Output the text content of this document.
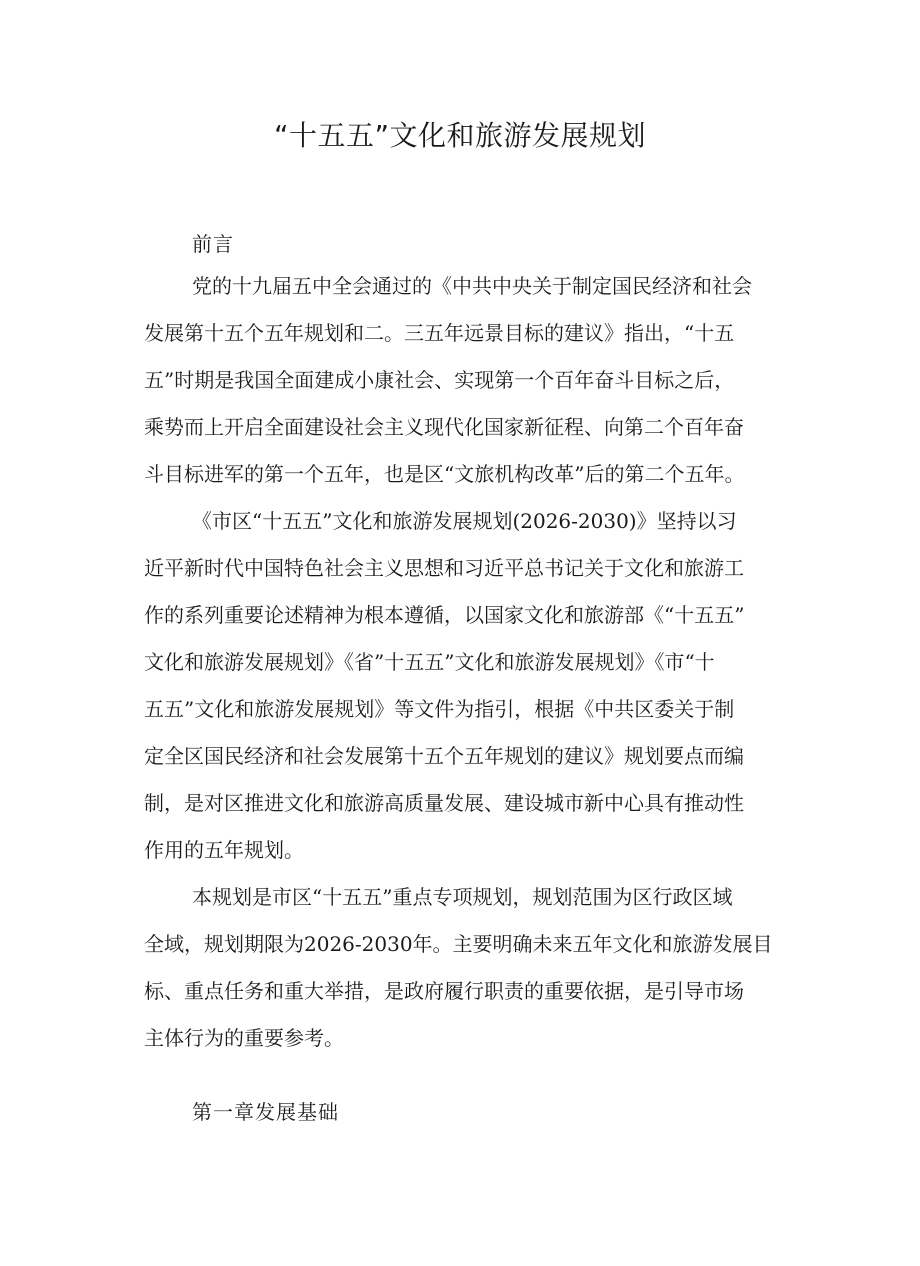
“十五五”文化和旅游发展规划
前言
党的十九届五中全会通过的《中共中央关于制定国民经济和社会
发展第十五个五年规划和二。三五年远景目标的建议》指出，“十五
五”时期是我国全面建成小康社会、实现第一个百年奋斗目标之后，
乘势而上开启全面建设社会主义现代化国家新征程、向第二个百年奋
斗目标进军的第一个五年，也是区“文旅机构改革”后的第二个五年。
《市区“十五五”文化和旅游发展规划(2026-2030)》坚持以习
近平新时代中国特色社会主义思想和习近平总书记关于文化和旅游工
作的系列重要论述精神为根本遵循，以国家文化和旅游部《“十五五”
文化和旅游发展规划》《省”十五五”文化和旅游发展规划》《市“十
五五”文化和旅游发展规划》等文件为指引，根据《中共区委关于制
定全区国民经济和社会发展第十五个五年规划的建议》规划要点而编
制，是对区推进文化和旅游高质量发展、建设城市新中心具有推动性
作用的五年规划。
本规划是市区“十五五”重点专项规划，规划范围为区行政区域
全域，规划期限为2026-2030年。主要明确未来五年文化和旅游发展目
标、重点任务和重大举措，是政府履行职责的重要依据，是引导市场
主体行为的重要参考。
第一章发展基础
